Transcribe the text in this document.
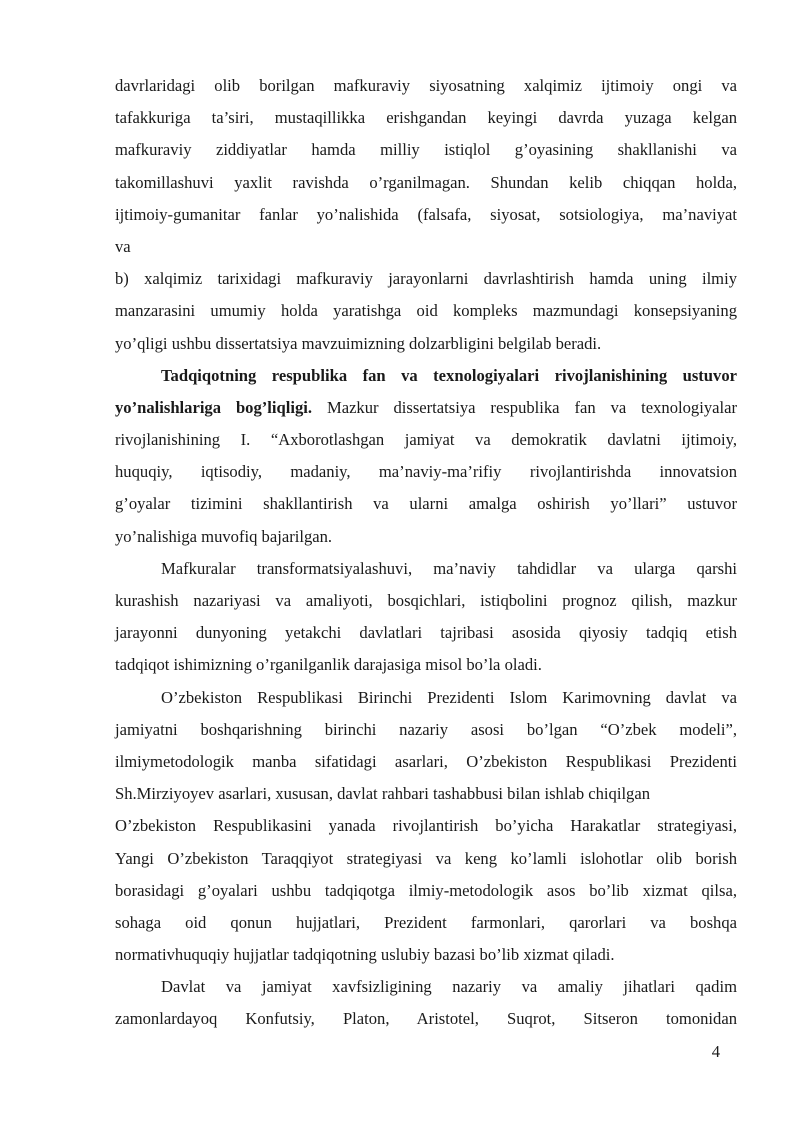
davrlaridagi olib borilgan mafkuraviy siyosatning xalqimiz ijtimoiy ongi va
tafakkuriga ta’siri, mustaqillikka erishgandan keyingi davrda yuzaga kelgan
mafkuraviy ziddiyatlar hamda milliy istiqlol g’oyasining shakllanishi va
takomillashuvi yaxlit ravishda o’rganilmagan. Shundan kelib chiqqan holda,
ijtimoiy-gumanitar fanlar yo’nalishida (falsafa, siyosat, sotsiologiya, ma’naviyat
va
b) xalqimiz tarixidagi mafkuraviy jarayonlarni davrlashtirish hamda uning ilmiy
manzarasini umumiy holda yaratishga oid kompleks mazmundagi konsepsiyaning
yo’qligi ushbu dissertatsiya mavzuimizning dolzarbligini belgilab beradi.
Tadqiqotning respublika fan va texnologiyalari rivojlanishining ustuvor
yo’nalishlariga bog’liqligi. Mazkur dissertatsiya respublika fan va texnologiyalar
rivojlanishining I. “Axborotlashgan jamiyat va demokratik davlatni ijtimoiy,
huquqiy, iqtisodiy, madaniy, ma’naviy-ma’rifiy rivojlantirishda innovatsion
g’oyalar tizimini shakllantirish va ularni amalga oshirish yo’llari” ustuvor
yo’nalishiga muvofiq bajarilgan.
Mafkuralar transformatsiyalashuvi, ma’naviy tahdidlar va ularga qarshi
kurashish nazariyasi va amaliyoti, bosqichlari, istiqbolini prognoz qilish, mazkur
jarayonni dunyoning yetakchi davlatlari tajribasi asosida qiyosiy tadqiq etish
tadqiqot ishimizning o’rganilganlik darajasiga misol bo’la oladi.
O’zbekiston Respublikasi Birinchi Prezidenti Islom Karimovning davlat va
jamiyatni boshqarishning birinchi nazariy asosi bo’lgan “O’zbek modeli”,
ilmiymetodologik manba sifatidagi asarlari, O’zbekiston Respublikasi Prezidenti
Sh.Mirziyoyev asarlari, xususan, davlat rahbari tashabbusi bilan ishlab chiqilgan
O’zbekiston Respublikasini yanada rivojlantirish bo’yicha Harakatlar strategiyasi,
Yangi O’zbekiston Taraqqiyot strategiyasi va keng ko’lamli islohotlar olib borish
borasidagi g’oyalari ushbu tadqiqotga ilmiy-metodologik asos bo’lib xizmat qilsa,
sohaga oid qonun hujjatlari, Prezident farmonlari, qarorlari va boshqa
normativhuquqiy hujjatlar tadqiqotning uslubiy bazasi bo’lib xizmat qiladi.
Davlat va jamiyat xavfsizligining nazariy va amaliy jihatlari qadim
zamonlardayoq Konfutsiy, Platon, Aristotel, Suqrot, Sitseron tomonidan
4
